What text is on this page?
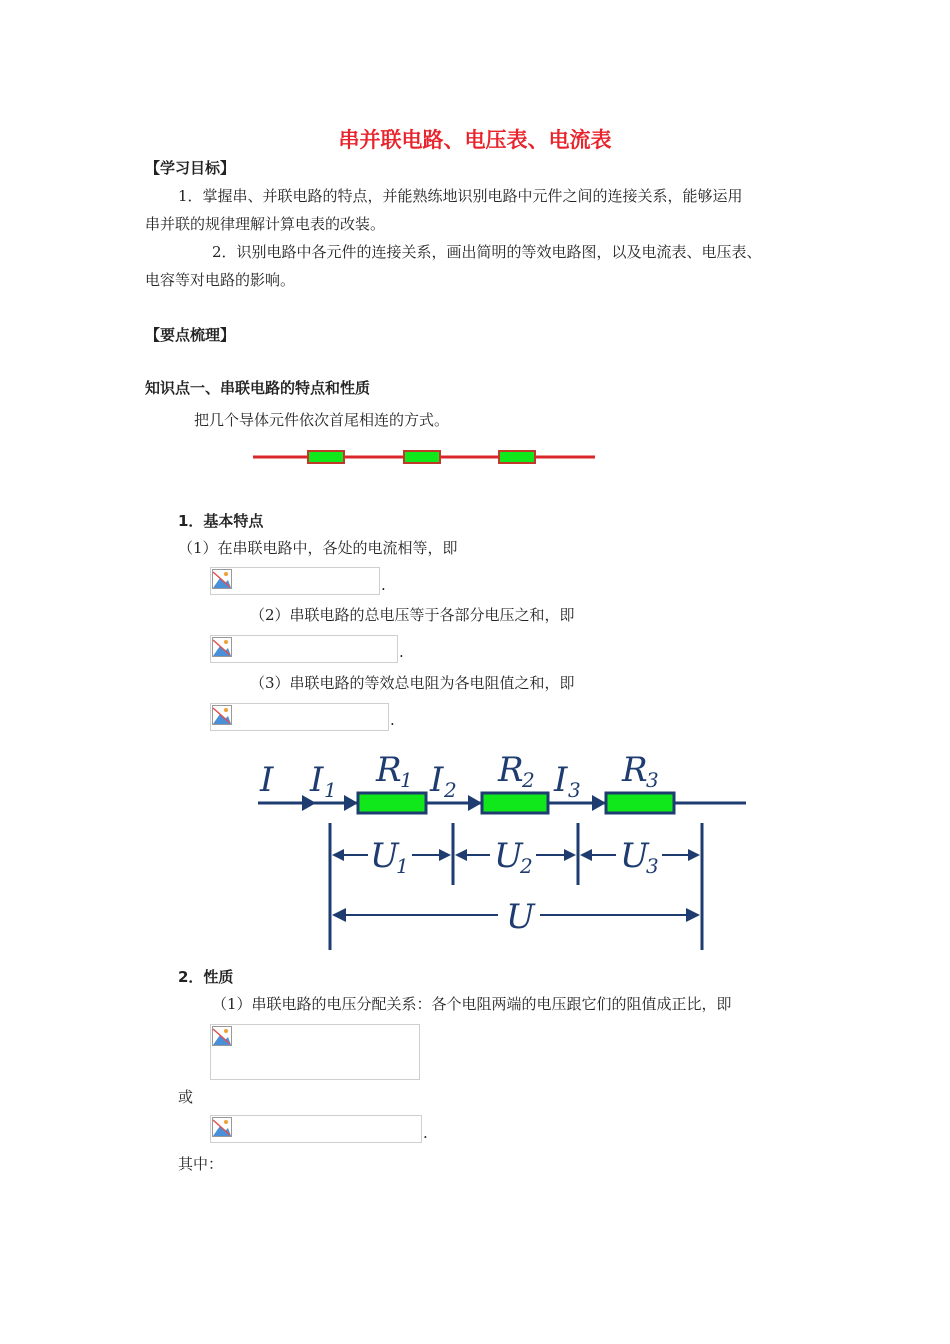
串并联电路、电压表、电流表
【学习目标】
1．掌握串、并联电路的特点，并能熟练地识别电路中元件之间的连接关系，能够运用
串并联的规律理解计算电表的改装。
2．识别电路中各元件的连接关系，画出简明的等效电路图，以及电流表、电压表、
电容等对电路的影响。
【要点梳理】
知识点一、串联电路的特点和性质
把几个导体元件依次首尾相连的方式。
1．基本特点
（1）在串联电路中，各处的电流相等，即
.
（2）串联电路的总电压等于各部分电压之和，即
.
（3）串联电路的等效总电阻为各电阻值之和，即
.
I I 1	I 2	I 3
R
1	R
2	R
3
U
1	U
2	U
3
U
2．性质
（1）串联电路的电压分配关系：各个电阻两端的电压跟它们的阻值成正比，即
或
.
其中：
